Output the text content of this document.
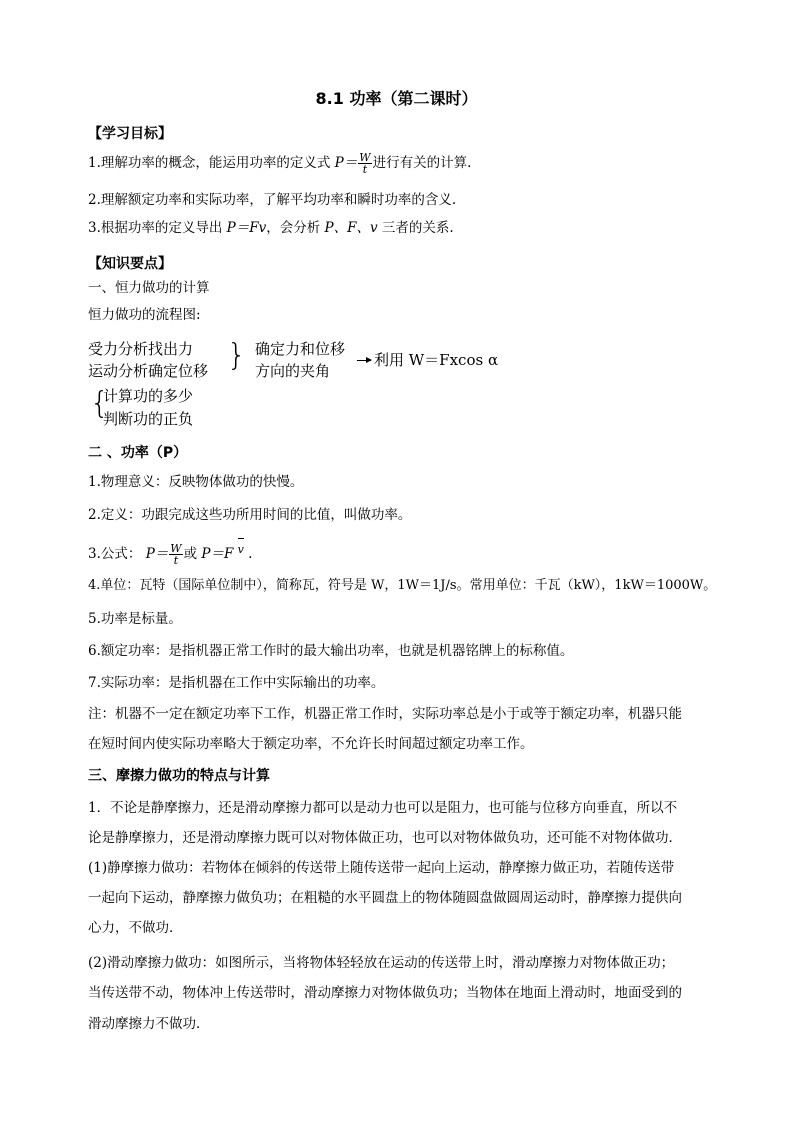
8.1 功率（第二课时）
【学习目标】
1.理解功率的概念，能运用功率的定义式 $P= \frac{W}{t}$ 进行有关的计算.
2.理解额定功率和实际功率，了解平均功率和瞬时功率的含义.
3.根据功率的定义导出 P＝Fv，会分析 P、F、v 三者的关系.
【知识要点】
一、恒力做功的计算
恒力做功的流程图:
受力分析找出力
运动分析确定位移 } 确定力和位移
方向的夹角
利用 W＝Fxcos α
{
计算功的多少
判断功的正负
二 、功率（P）
1.物理意义：反映物体做功的快慢。
2.定义：功跟完成这些功所用时间的比值，叫做功率。
3.公式： $P= \frac{W}{t}$ 或 P＝F v .
4.单位：瓦特（国际单位制中），简称瓦，符号是 W，1W＝1J/s。常用单位：千瓦（kW），1kW＝1000W。
5.功率是标量。
6.额定功率：是指机器正常工作时的最大输出功率，也就是机器铭牌上的标称值。
7.实际功率：是指机器在工作中实际输出的功率。
注：机器不一定在额定功率下工作，机器正常工作时，实际功率总是小于或等于额定功率，机器只能
在短时间内使实际功率略大于额定功率，不允许长时间超过额定功率工作。
三、摩擦力做功的特点与计算
1．不论是静摩擦力，还是滑动摩擦力都可以是动力也可以是阻力，也可能与位移方向垂直，所以不
论是静摩擦力，还是滑动摩擦力既可以对物体做正功，也可以对物体做负功，还可能不对物体做功．
(1)静摩擦力做功：若物体在倾斜的传送带上随传送带一起向上运动，静摩擦力做正功，若随传送带
一起向下运动，静摩擦力做负功；在粗糙的水平圆盘上的物体随圆盘做圆周运动时，静摩擦力提供向
心力，不做功．
(2)滑动摩擦力做功：如图所示，当将物体轻轻放在运动的传送带上时，滑动摩擦力对物体做正功；
当传送带不动，物体冲上传送带时，滑动摩擦力对物体做负功；当物体在地面上滑动时，地面受到的
滑动摩擦力不做功．
